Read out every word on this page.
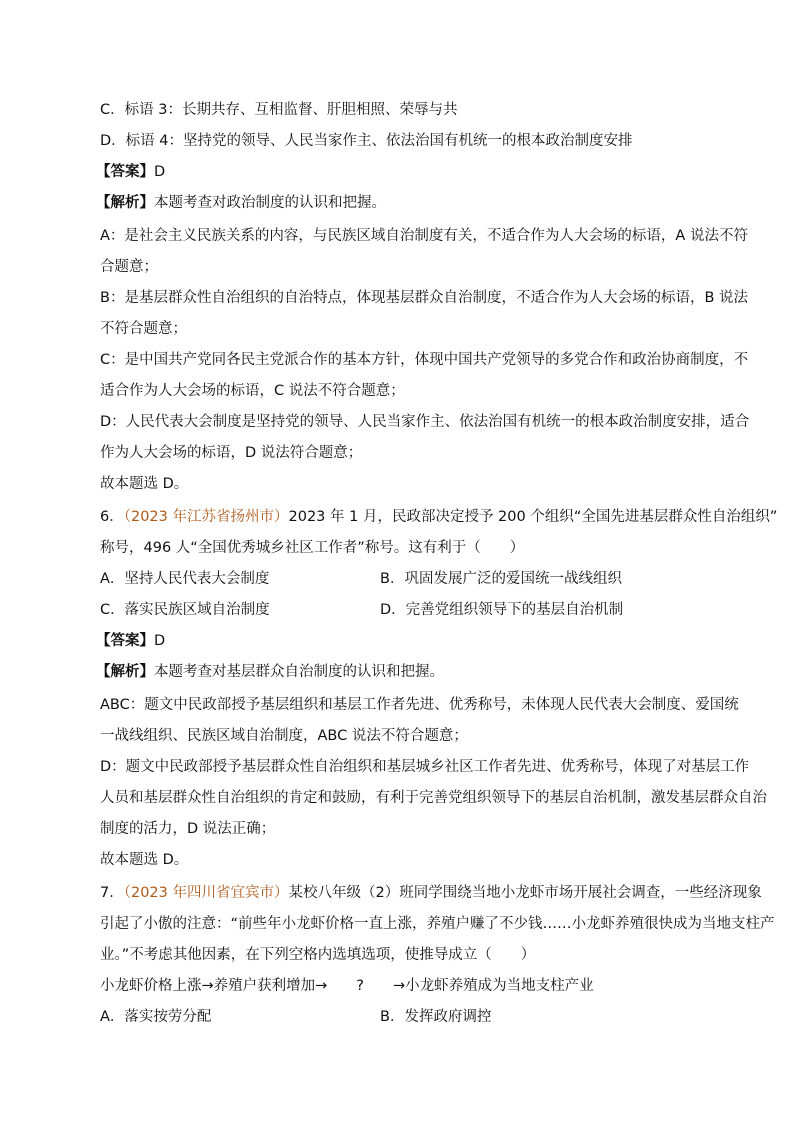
C．标语 3：长期共存、互相监督、肝胆相照、荣辱与共
D．标语 4：坚持党的领导、人民当家作主、依法治国有机统一的根本政治制度安排
【答案】D
【解析】本题考查对政治制度的认识和把握。
A：是社会主义民族关系的内容，与民族区域自治制度有关，不适合作为人大会场的标语，A 说法不符
合题意；
B：是基层群众性自治组织的自治特点，体现基层群众自治制度，不适合作为人大会场的标语，B 说法
不符合题意；
C：是中国共产党同各民主党派合作的基本方针，体现中国共产党领导的多党合作和政治协商制度，不
适合作为人大会场的标语，C 说法不符合题意；
D：人民代表大会制度是坚持党的领导、人民当家作主、依法治国有机统一的根本政治制度安排，适合
作为人大会场的标语，D 说法符合题意；
故本题选 D。
6．（2023 年江苏省扬州市）2023 年 1 月，民政部决定授予 200 个组织“全国先进基层群众性自治组织”
称号，496 人“全国优秀城乡社区工作者”称号。这有利于（　　）
A．坚持人民代表大会制度	B．巩固发展广泛的爱国统一战线组织
C．落实民族区域自治制度	D．完善党组织领导下的基层自治机制
【答案】D
【解析】本题考查对基层群众自治制度的认识和把握。
ABC：题文中民政部授予基层组织和基层工作者先进、优秀称号，未体现人民代表大会制度、爱国统
一战线组织、民族区域自治制度，ABC 说法不符合题意；
D：题文中民政部授予基层群众性自治组织和基层城乡社区工作者先进、优秀称号，体现了对基层工作
人员和基层群众性自治组织的肯定和鼓励，有利于完善党组织领导下的基层自治机制，激发基层群众自治
制度的活力，D 说法正确；
故本题选 D。
7．（2023 年四川省宜宾市）某校八年级（2）班同学围绕当地小龙虾市场开展社会调查，一些经济现象
引起了小傲的注意：“前些年小龙虾价格一直上涨，养殖户赚了不少钱……小龙虾养殖很快成为当地支柱产
业。”不考虑其他因素，在下列空格内选填选项，使推导成立（　　）
小龙虾价格上涨→养殖户获利增加→　　?　　→小龙虾养殖成为当地支柱产业
A．落实按劳分配	B．发挥政府调控
